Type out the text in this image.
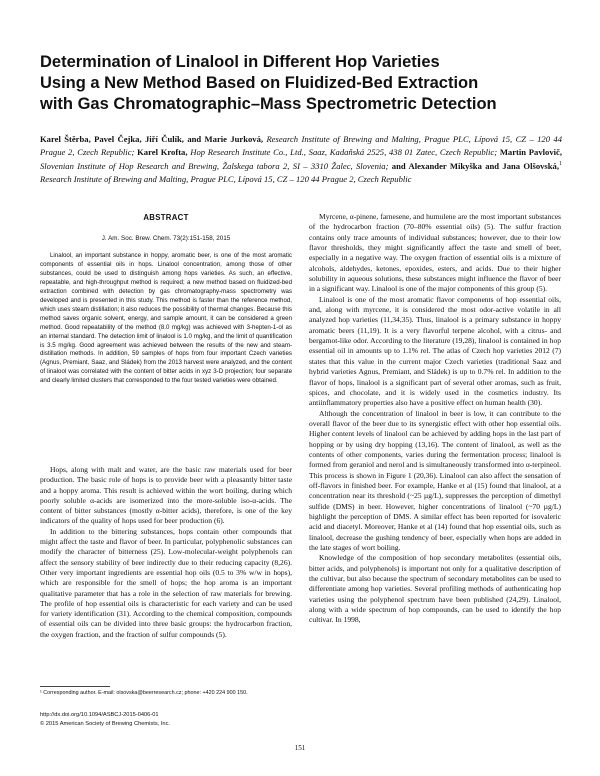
Determination of Linalool in Different Hop Varieties
Using a New Method Based on Fluidized-Bed Extraction
with Gas Chromatographic–Mass Spectrometric Detection
Karel Štěrba, Pavel Čejka, Jiří Čulík, and Marie Jurková, Research Institute of Brewing and Malting, Prague PLC, Lípová 15, CZ – 120 44 Prague 2, Czech Republic; Karel Krofta, Hop Research Institute Co., Ltd., Saaz, Kadaňská 2525, 438 01 Zatec, Czech Republic; Martin Pavlovič, Slovenian Institute of Hop Research and Brewing, Žalskega tabora 2, SI – 3310 Žalec, Slovenia; and Alexander Mikyška and Jana Olšovská,$^1$ Research Institute of Brewing and Malting, Prague PLC, Lípová 15, CZ – 120 44 Prague 2, Czech Republic
ABSTRACT
J. Am. Soc. Brew. Chem. 73(2):151-158, 2015

Linalool, an important substance in hoppy, aromatic beer, is one of the most aromatic components of essential oils in hops. Linalool concentration, among those of other substances, could be used to distinguish among hops varieties. As such, an effective, repeatable, and high-throughput method is required; a new method based on fluidized-bed extraction combined with detection by gas chromatography-mass spectrometry was developed and is presented in this study. This method is faster than the reference method, which uses steam distillation; it also reduces the possibility of thermal changes. Because this method saves organic solvent, energy, and sample amount, it can be considered a green method. Good repeatability of the method (8.0 mg/kg) was achieved with 3-hepten-1-ol as an internal standard. The detection limit of linalool is 1.0 mg/kg, and the limit of quantification is 3.5 mg/kg. Good agreement was achieved between the results of the new and steam-distillation methods. In addition, 59 samples of hops from four important Czech varieties (Agnus, Premiant, Saaz, and Sládek) from the 2013 harvest were analyzed, and the content of linalool was correlated with the content of bitter acids in xyz 3-D projection; four separate and clearly limited clusters that corresponded to the four tested varieties were obtained.

Hops, along with malt and water, are the basic raw materials used for beer production. The basic role of hops is to provide beer with a pleasantly bitter taste and a hoppy aroma. This result is achieved within the wort boiling, during which poorly soluble α-acids are isomerized into the more-soluble iso-α-acids. The content of bitter substances (mostly α-bitter acids), therefore, is one of the key indicators of the quality of hops used for beer production (6).

In addition to the bittering substances, hops contain other compounds that might affect the taste and flavor of beer. In particular, polyphenolic substances can modify the character of bitterness (25). Low-molecular-weight polyphenols can affect the sensory stability of beer indirectly due to their reducing capacity (8,26). Other very important ingredients are essential hop oils (0.5 to 3% w/w in hops), which are responsible for the smell of hops; the hop aroma is an important qualitative parameter that has a role in the selection of raw materials for brewing. The profile of hop essential oils is characteristic for each variety and can be used for variety identification (31). According to the chemical composition, compounds of essential oils can be divided into three basic groups: the hydrocarbon fraction, the oxygen fraction, and the fraction of sulfur compounds (5).

Myrcene, α-pinene, farnesene, and humulene are the most important substances of the hydrocarbon fraction (70–80% essential oils) (5). The sulfur fraction contains only trace amounts of individual substances; however, due to their low flavor thresholds, they might significantly affect the taste and smell of beer, especially in a negative way. The oxygen fraction of essential oils is a mixture of alcohols, aldehydes, ketones, epoxides, esters, and acids. Due to their higher solubility in aqueous solutions, these substances might influence the flavor of beer in a significant way. Linalool is one of the major components of this group (5).

Linalool is one of the most aromatic flavor components of hop essential oils, and, along with myrcene, it is considered the most odor-active volatile in all analyzed hop varieties (11,34,35). Thus, linalool is a primary substance in hoppy aromatic beers (11,19). It is a very flavorful terpene alcohol, with a citrus- and bergamot-like odor. According to the literature (19,28), linalool is contained in hop essential oil in amounts up to 1.1% rel. The atlas of Czech hop varieties 2012 (7) states that this value in the current major Czech varieties (traditional Saaz and hybrid varieties Agnus, Premiant, and Sládek) is up to 0.7% rel. In addition to the flavor of hops, linalool is a significant part of several other aromas, such as fruit, spices, and chocolate, and it is widely used in the cosmetics industry. Its antiinflammatory properties also have a positive effect on human health (30).

Although the concentration of linalool in beer is low, it can contribute to the overall flavor of the beer due to its synergistic effect with other hop essential oils. Higher content levels of linalool can be achieved by adding hops in the last part of hopping or by using dry hopping (13,16). The content of linalool, as well as the contents of other components, varies during the fermentation process; linalool is formed from geraniol and nerol and is simultaneously transformed into α-terpineol. This process is shown in Figure 1 (20,36). Linalool can also affect the sensation of off-flavors in finished beer. For example, Hanke et al (15) found that linalool, at a concentration near its threshold (~25 µg/L), suppresses the perception of dimethyl sulfide (DMS) in beer. However, higher concentrations of linalool (~70 µg/L) highlight the perception of DMS. A similar effect has been reported for isovaleric acid and diacetyl. Moreover, Hanke et al (14) found that hop essential oils, such as linalool, decrease the gushing tendency of beer, especially when hops are added in the late stages of wort boiling.

Knowledge of the composition of hop secondary metabolites (essential oils, bitter acids, and polyphenols) is important not only for a qualitative description of the cultivar, but also because the spectrum of secondary metabolites can be used to differentiate among hop varieties. Several profiling methods of authenticating hop varieties using the polyphenol spectrum have been published (24,29). Linalool, along with a wide spectrum of hop compounds, can be used to identify the hop cultivar. In 1998,

¹ Corresponding author. E-mail: olsovska@beerresearch.cz; phone: +420 224 900 150.
http://dx.doi.org/10.1094/ASBCJ-2015-0406-01
© 2015 American Society of Brewing Chemists, Inc.
151
